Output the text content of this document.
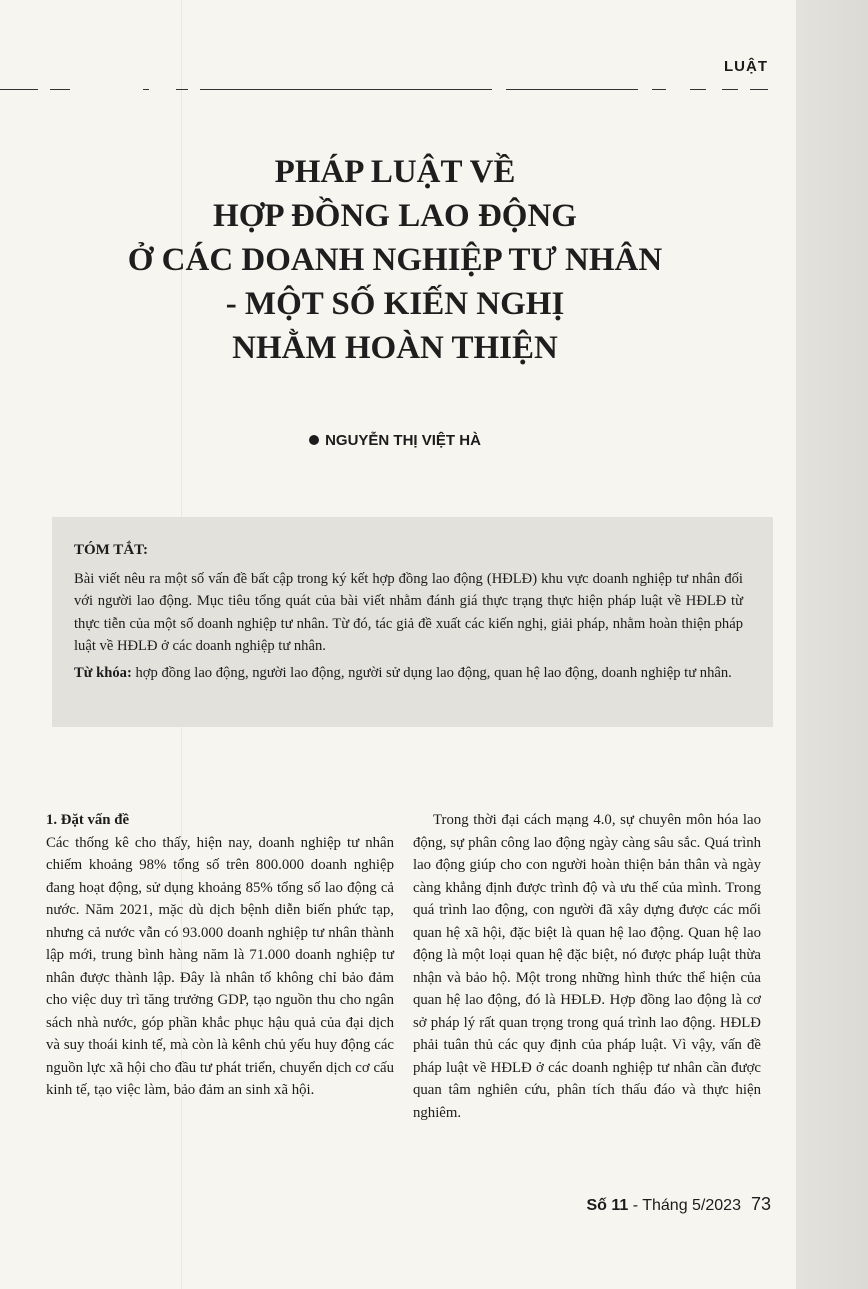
LUẬT
PHÁP LUẬT VỀ
HỢP ĐỒNG LAO ĐỘNG
Ở CÁC DOANH NGHIỆP TƯ NHÂN
- MỘT SỐ KIẾN NGHỊ
NHẰM HOÀN THIỆN
NGUYỄN THỊ VIỆT HÀ
TÓM TẮT:

Bài viết nêu ra một số vấn đề bất cập trong ký kết hợp đồng lao động (HĐLĐ) khu vực doanh nghiệp tư nhân đối với người lao động. Mục tiêu tổng quát của bài viết nhằm đánh giá thực trạng thực hiện pháp luật về HĐLĐ từ thực tiễn của một số doanh nghiệp tư nhân. Từ đó, tác giả đề xuất các kiến nghị, giải pháp, nhằm hoàn thiện pháp luật về HĐLĐ ở các doanh nghiệp tư nhân.

Từ khóa: hợp đồng lao động, người lao động, người sử dụng lao động, quan hệ lao động, doanh nghiệp tư nhân.

1. Đặt vấn đề

Các thống kê cho thấy, hiện nay, doanh nghiệp tư nhân chiếm khoảng 98% tổng số trên 800.000 doanh nghiệp đang hoạt động, sử dụng khoảng 85% tổng số lao động cả nước. Năm 2021, mặc dù dịch bệnh diễn biến phức tạp, nhưng cả nước vẫn có 93.000 doanh nghiệp tư nhân thành lập mới, trung bình hàng năm là 71.000 doanh nghiệp tư nhân được thành lập. Đây là nhân tố không chỉ bảo đảm cho việc duy trì tăng trưởng GDP, tạo nguồn thu cho ngân sách nhà nước, góp phần khắc phục hậu quả của đại dịch và suy thoái kinh tế, mà còn là kênh chủ yếu huy động các nguồn lực xã hội cho đầu tư phát triển, chuyển dịch cơ cấu kinh tế, tạo việc làm, bảo đảm an sinh xã hội.

Trong thời đại cách mạng 4.0, sự chuyên môn hóa lao động, sự phân công lao động ngày càng sâu sắc. Quá trình lao động giúp cho con người hoàn thiện bản thân và ngày càng khẳng định được trình độ và ưu thế của mình. Trong quá trình lao động, con người đã xây dựng được các mối quan hệ xã hội, đặc biệt là quan hệ lao động. Quan hệ lao động là một loại quan hệ đặc biệt, nó được pháp luật thừa nhận và bảo hộ. Một trong những hình thức thể hiện của quan hệ lao động, đó là HĐLĐ. Hợp đồng lao động là cơ sở pháp lý rất quan trọng trong quá trình lao động. HĐLĐ phải tuân thủ các quy định của pháp luật. Vì vậy, vấn đề pháp luật về HĐLĐ ở các doanh nghiệp tư nhân cần được quan tâm nghiên cứu, phân tích thấu đáo và thực hiện nghiêm.

Số 11 - Tháng 5/2023 73
